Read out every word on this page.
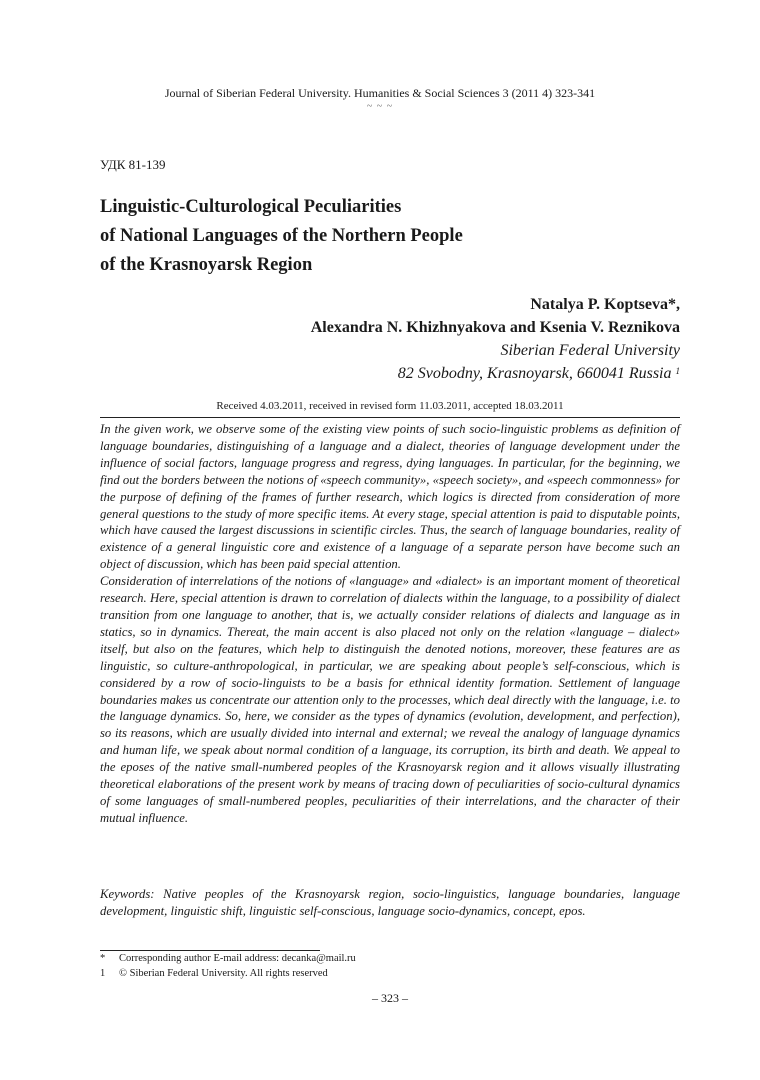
Journal of Siberian Federal University. Humanities & Social Sciences 3 (2011 4) 323-341
~ ~ ~
УДК 81-139
Linguistic-Culturological Peculiarities
of National Languages of the Northern People
of the Krasnoyarsk Region
Natalya P. Koptseva*,
Alexandra N. Khizhnyakova and Ksenia V. Reznikova
Siberian Federal University
82 Svobodny, Krasnoyarsk, 660041 Russia $^1$
Received 4.03.2011, received in revised form 11.03.2011, accepted 18.03.2011

In the given work, we observe some of the existing view points of such socio-linguistic problems as definition of language boundaries, distinguishing of a language and a dialect, theories of language development under the influence of social factors, language progress and regress, dying languages. In particular, for the beginning, we find out the borders between the notions of «speech community», «speech society», and «speech commonness» for the purpose of defining of the frames of further research, which logics is directed from consideration of more general questions to the study of more specific items. At every stage, special attention is paid to disputable points, which have caused the largest discussions in scientific circles. Thus, the search of language boundaries, reality of existence of a general linguistic core and existence of a language of a separate person have become such an object of discussion, which has been paid special attention.

Consideration of interrelations of the notions of «language» and «dialect» is an important moment of theoretical research. Here, special attention is drawn to correlation of dialects within the language, to a possibility of dialect transition from one language to another, that is, we actually consider relations of dialects and language as in statics, so in dynamics. Thereat, the main accent is also placed not only on the relation «language – dialect» itself, but also on the features, which help to distinguish the denoted notions, moreover, these features are as linguistic, so culture-anthropological, in particular, we are speaking about people’s self-conscious, which is considered by a row of socio-linguists to be a basis for ethnical identity formation. Settlement of language boundaries makes us concentrate our attention only to the processes, which deal directly with the language, i.e. to the language dynamics. So, here, we consider as the types of dynamics (evolution, development, and perfection), so its reasons, which are usually divided into internal and external; we reveal the analogy of language dynamics and human life, we speak about normal condition of a language, its corruption, its birth and death. We appeal to the eposes of the native small-numbered peoples of the Krasnoyarsk region and it allows visually illustrating theoretical elaborations of the present work by means of tracing down of peculiarities of socio-cultural dynamics of some languages of small-numbered peoples, peculiarities of their interrelations, and the character of their mutual influence.

Keywords: Native peoples of the Krasnoyarsk region, socio-linguistics, language boundaries, language development, linguistic shift, linguistic self-conscious, language socio-dynamics, concept, epos.
* Corresponding author E-mail address: decanka@mail.ru
1 © Siberian Federal University. All rights reserved
– 323 –
